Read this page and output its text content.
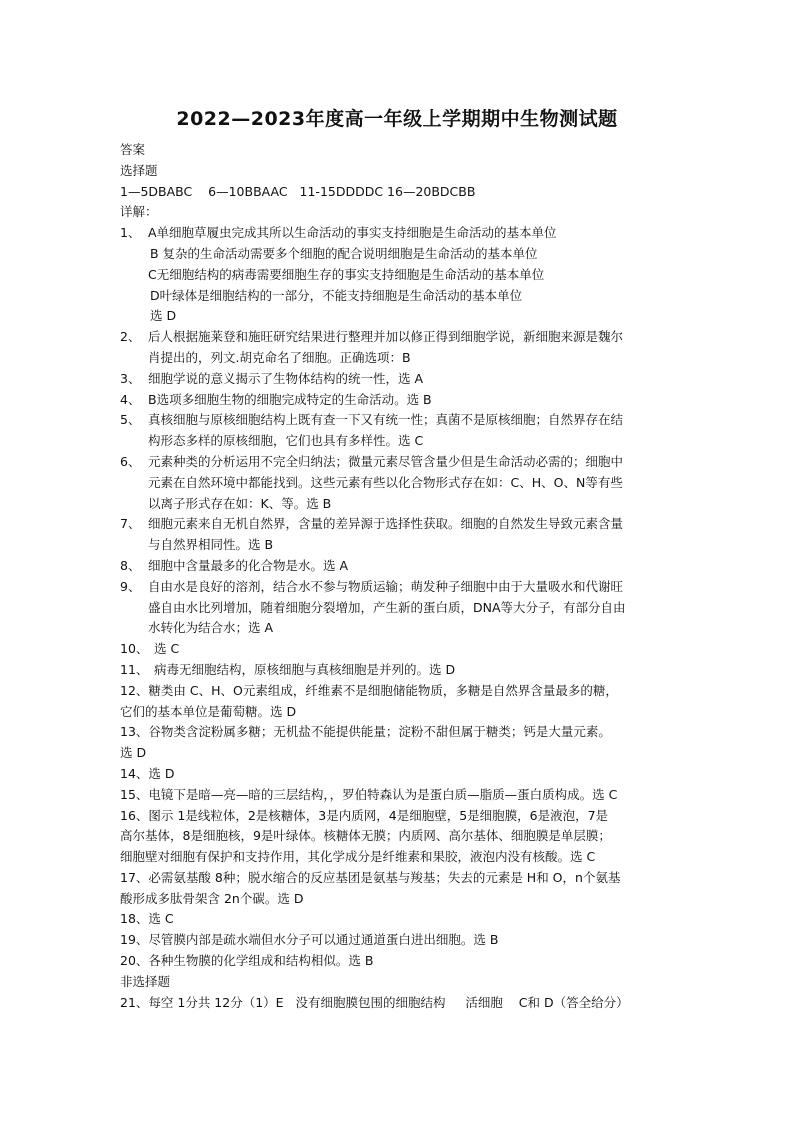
2022—2023年度高一年级上学期期中生物测试题
答案
选择题
1—5DBABC    6—10BBAAC   11-15DDDDC 16—20BDCBB
详解：
1、 A单细胞草履虫完成其所以生命活动的事实支持细胞是生命活动的基本单位
B 复杂的生命活动需要多个细胞的配合说明细胞是生命活动的基本单位
C无细胞结构的病毒需要细胞生存的事实支持细胞是生命活动的基本单位
D叶绿体是细胞结构的一部分，不能支持细胞是生命活动的基本单位
选 D
2、 后人根据施莱登和施旺研究结果进行整理并加以修正得到细胞学说，新细胞来源是魏尔
肖提出的，列文.胡克命名了细胞。正确选项：B
3、 细胞学说的意义揭示了生物体结构的统一性，选 A
4、 B选项多细胞生物的细胞完成特定的生命活动。选 B
5、 真核细胞与原核细胞结构上既有查一下又有统一性；真菌不是原核细胞；自然界存在结
构形态多样的原核细胞，它们也具有多样性。选 C
6、 元素种类的分析运用不完全归纳法；微量元素尽管含量少但是生命活动必需的；细胞中
元素在自然环境中都能找到。这些元素有些以化合物形式存在如：C、H、O、N等有些
以离子形式存在如：K、等。选 B
7、 细胞元素来自无机自然界，含量的差异源于选择性获取。细胞的自然发生导致元素含量
与自然界相同性。选 B
8、 细胞中含量最多的化合物是水。选 A
9、 自由水是良好的溶剂，结合水不参与物质运输；萌发种子细胞中由于大量吸水和代谢旺
盛自由水比列增加，随着细胞分裂增加，产生新的蛋白质，DNA等大分子，有部分自由
水转化为结合水；选 A
10、 选 C
11、 病毒无细胞结构，原核细胞与真核细胞是并列的。选 D
12、糖类由 C、H、O元素组成，纤维素不是细胞储能物质，多糖是自然界含量最多的糖，
它们的基本单位是葡萄糖。选 D
13、谷物类含淀粉属多糖；无机盐不能提供能量；淀粉不甜但属于糖类；钙是大量元素。
选 D
14、选 D
15、电镜下是暗—亮—暗的三层结构，，罗伯特森认为是蛋白质—脂质—蛋白质构成。选 C
16、图示 1是线粒体，2是核糖体，3是内质网，4是细胞壁，5是细胞膜，6是液泡，7是
高尔基体，8是细胞核，9是叶绿体。核糖体无膜；内质网、高尔基体、细胞膜是单层膜；
细胞壁对细胞有保护和支持作用，其化学成分是纤维素和果胶，液泡内没有核酸。选 C
17、必需氨基酸 8种；脱水缩合的反应基团是氨基与羧基；失去的元素是 H和 O，n个氨基
酸形成多肽骨架含 2n个碳。选 D
18、选 C
19、尽管膜内部是疏水端但水分子可以通过通道蛋白进出细胞。选 B
20、各种生物膜的化学组成和结构相似。选 B
非选择题
21、每空 1分共 12分（1）E   没有细胞膜包围的细胞结构     活细胞    C和 D（答全给分）
